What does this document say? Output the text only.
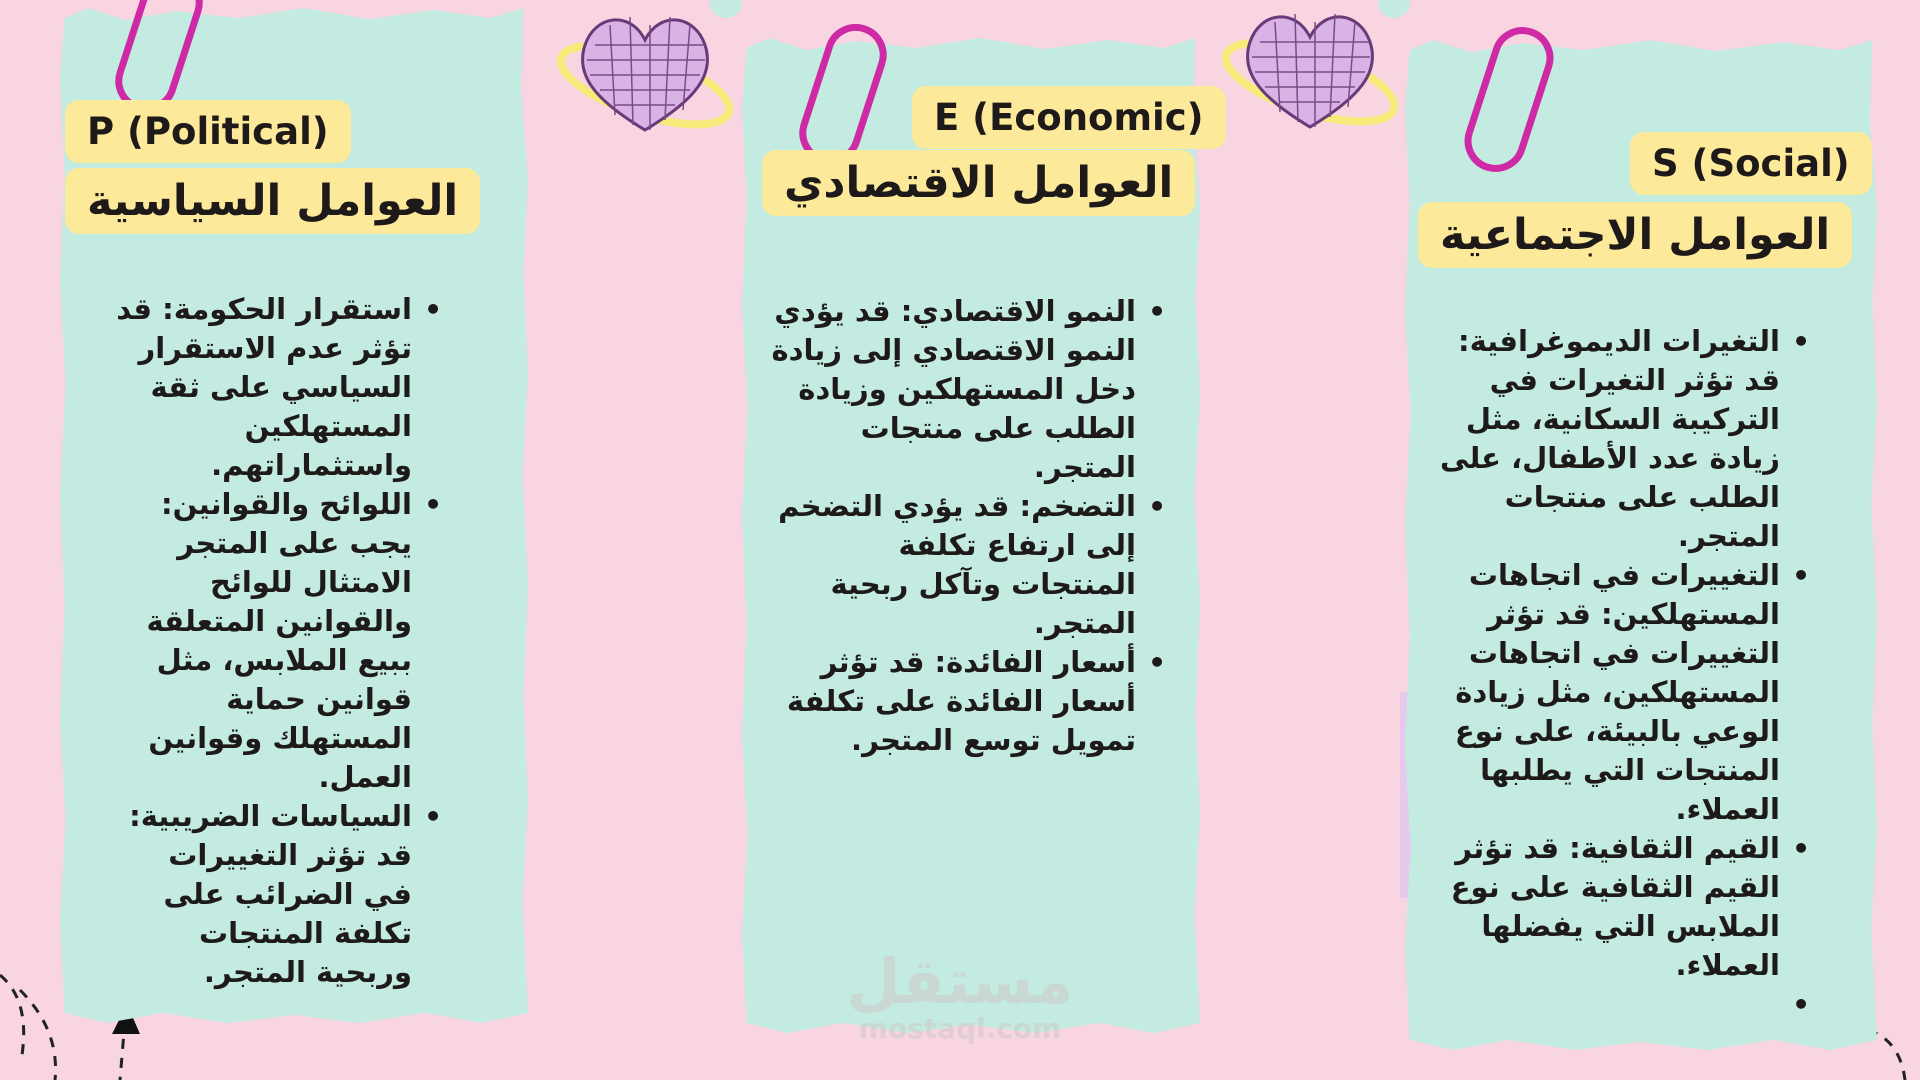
P (Political)
العوامل السياسية
• استقرار الحكومة: قد تؤثر عدم الاستقرار السياسي على ثقة المستهلكين واستثماراتهم.
• اللوائح والقوانين: يجب على المتجر الامتثال للوائح والقوانين المتعلقة ببيع الملابس، مثل قوانين حماية المستهلك وقوانين العمل.
• السياسات الضريبية: قد تؤثر التغييرات في الضرائب على تكلفة المنتجات وربحية المتجر.
E (Economic)
العوامل الاقتصادي
• النمو الاقتصادي: قد يؤدي النمو الاقتصادي إلى زيادة دخل المستهلكين وزيادة الطلب على منتجات المتجر.
• التضخم: قد يؤدي التضخم إلى ارتفاع تكلفة المنتجات وتآكل ربحية المتجر.
• أسعار الفائدة: قد تؤثر أسعار الفائدة على تكلفة تمويل توسع المتجر.
مستقل
mostaql.com
S (Social)
العوامل الاجتماعية
• التغيرات الديموغرافية: قد تؤثر التغيرات في التركيبة السكانية، مثل زيادة عدد الأطفال، على الطلب على منتجات المتجر.
• التغييرات في اتجاهات المستهلكين: قد تؤثر التغييرات في اتجاهات المستهلكين، مثل زيادة الوعي بالبيئة، على نوع المنتجات التي يطلبها العملاء.
• القيم الثقافية: قد تؤثر القيم الثقافية على نوع الملابس التي يفضلها العملاء.
•
